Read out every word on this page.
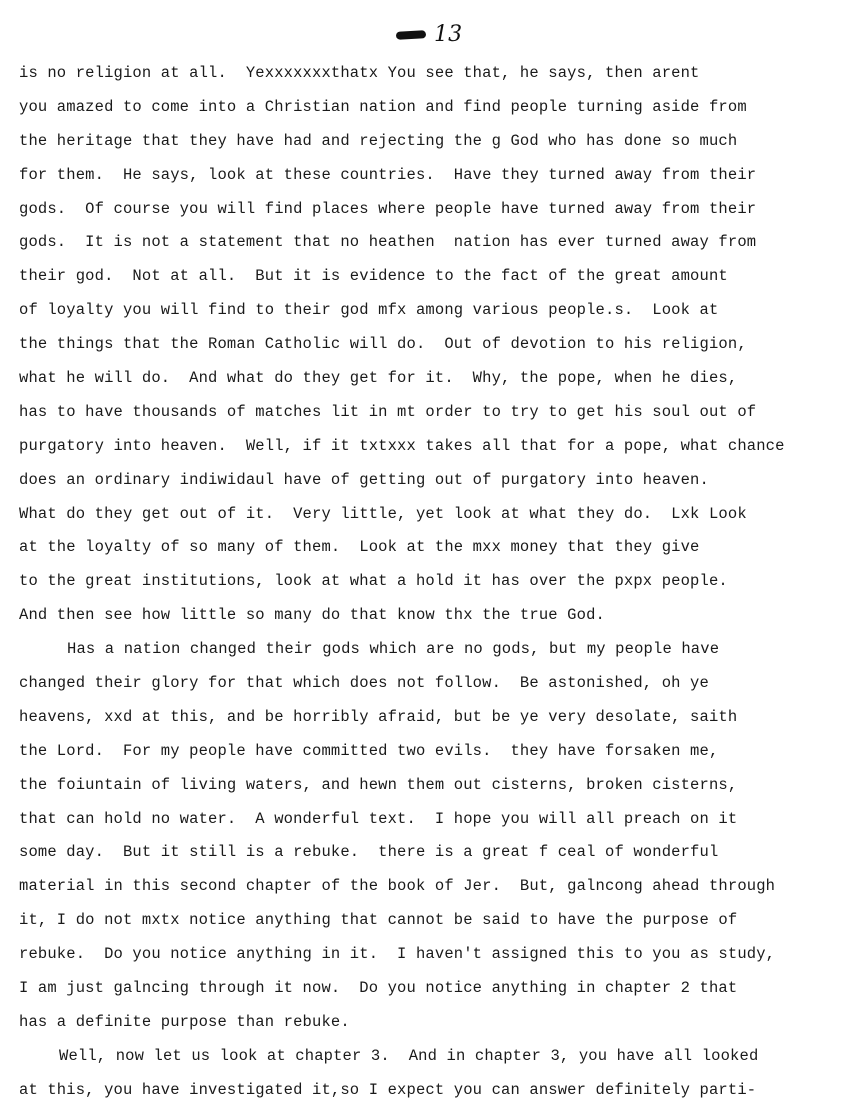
13
is no religion at all.  Yexxxxxxxthatx You see that, he says, then arent
you amazed to come into a Christian nation and find people turning aside from
the heritage that they have had and rejecting the g God who has done so much
for them.  He says, look at these countries.  Have they turned away from their
gods.  Of course you will find places where people have turned away from their
gods.  It is not a statement that no heathen  nation has ever turned away from
their god.  Not at all.  But it is evidence to the fact of the great amount
of loyalty you will find to their god mfx among various people.s.  Look at
the things that the Roman Catholic will do.  Out of devotion to his religion,
what he will do.  And what do they get for it.  Why, the pope, when he dies,
has to have thousands of matches lit in mt order to try to get his soul out of
purgatory into heaven.  Well, if it txtxxx takes all that for a pope, what chance
does an ordinary indiwidaul have of getting out of purgatory into heaven.
What do they get out of it.  Very little, yet look at what they do.  Lxk Look
at the loyalty of so many of them.  Look at the mxx money that they give
to the great institutions, look at what a hold it has over the pxpx people.
And then see how little so many do that know thx the true God.
Has a nation changed their gods which are no gods, but my people have
changed their glory for that which does not follow.  Be astonished, oh ye
heavens, xxd at this, and be horribly afraid, but be ye very desolate, saith
the Lord.  For my people have committed two evils.  they have forsaken me,
the foiuntain of living waters, and hewn them out cisterns, broken cisterns,
that can hold no water.  A wonderful text.  I hope you will all preach on it
some day.  But it still is a rebuke.  there is a great f ceal of wonderful
material in this second chapter of the book of Jer.  But, galncong ahead through
it, I do not mxtx notice anything that cannot be said to have the purpose of
rebuke.  Do you notice anything in it.  I haven't assigned this to you as study,
I am just galncing through it now.  Do you notice anything in chapter 2 that
has a definite purpose than rebuke.
Well, now let us look at chapter 3.  And in chapter 3, you have all looked
at this, you have investigated it,so I expect you can answer definitely parti-
